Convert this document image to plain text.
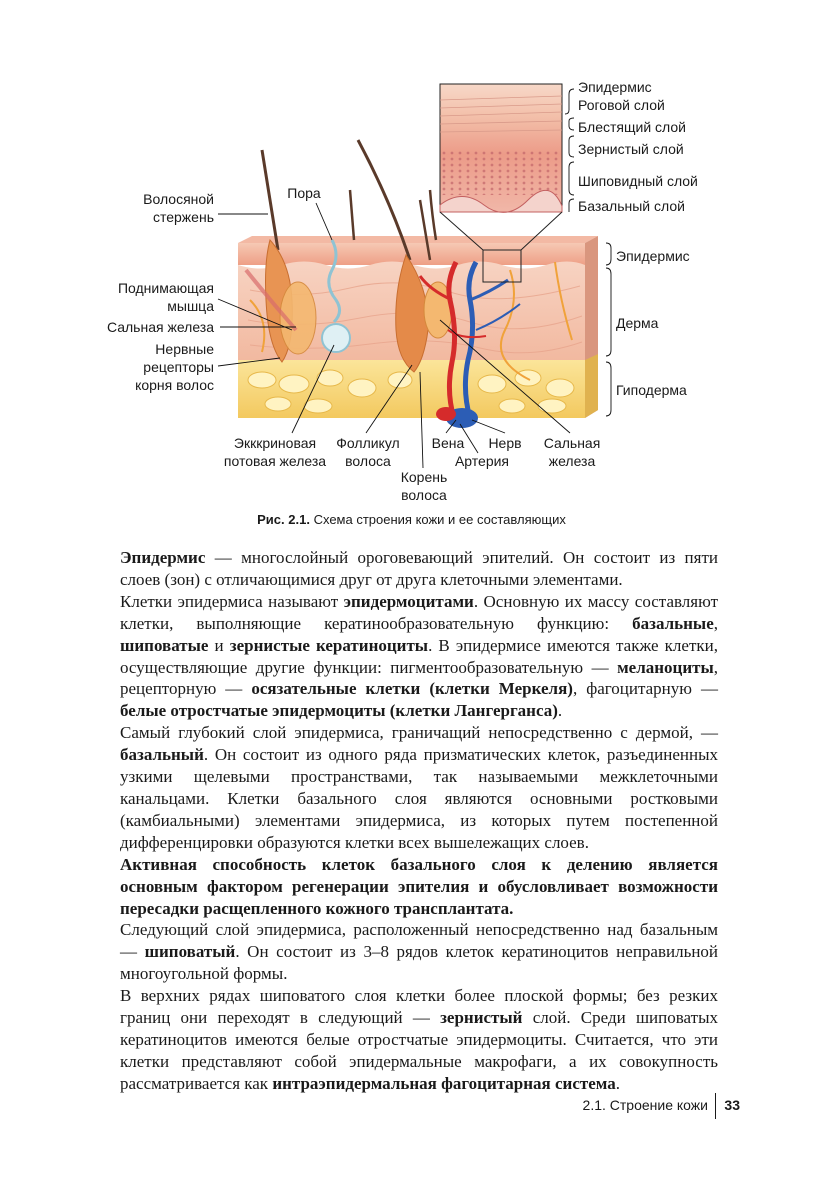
Волосяной
стержень
Пора
Поднимающая
мышца
Сальная железа
Нервные
рецепторы
корня волос
Экккриновая
потовая железа
Фолликул
волоса
Корень
волоса
Вена Нерв
Артерия
Сальная
железа
Эпидермис
Дерма
Гиподерма
Эпидермис
Роговой слой
Блестящий слой
Зернистый слой
Шиповидный слой
Базальный слой
Рис. 2.1. Схема строения кожи и ее составляющих

Эпидермис — многослойный ороговевающий эпителий. Он состоит из пяти слоев (зон) с отличающимися друг от друга клеточными элементами.

Клетки эпидермиса называют эпидермоцитами. Основную их массу составляют клетки, выполняющие кератинообразовательную функцию: базальные, шиповатые и зернистые кератиноциты. В эпидермисе имеются также клетки, осуществляющие другие функции: пигментообразовательную — меланоциты, рецепторную — осязательные клетки (клетки Меркеля), фагоцитарную — белые отростчатые эпидермоциты (клетки Лангерганса).

Самый глубокий слой эпидермиса, граничащий непосредственно с дермой, — базальный. Он состоит из одного ряда призматических клеток, разъединенных узкими щелевыми пространствами, так называемыми межклеточными канальцами. Клетки базального слоя являются основными ростковыми (камбиальными) элементами эпидермиса, из которых путем постепенной дифференцировки образуются клетки всех вышележащих слоев.

Активная способность клеток базального слоя к делению является основным фактором регенерации эпителия и обусловливает возможности пересадки расщепленного кожного трансплантата.

Следующий слой эпидермиса, расположенный непосредственно над базальным — шиповатый. Он состоит из 3–8 рядов клеток кератиноцитов неправильной многоугольной формы.

В верхних рядах шиповатого слоя клетки более плоской формы; без резких границ они переходят в следующий — зернистый слой. Среди шиповатых кератиноцитов имеются белые отростчатые эпидермоциты. Считается, что эти клетки представляют собой эпидермальные макрофаги, а их совокупность рассматривается как интраэпидермальная фагоцитарная система.

2.1. Строение кожи 33
